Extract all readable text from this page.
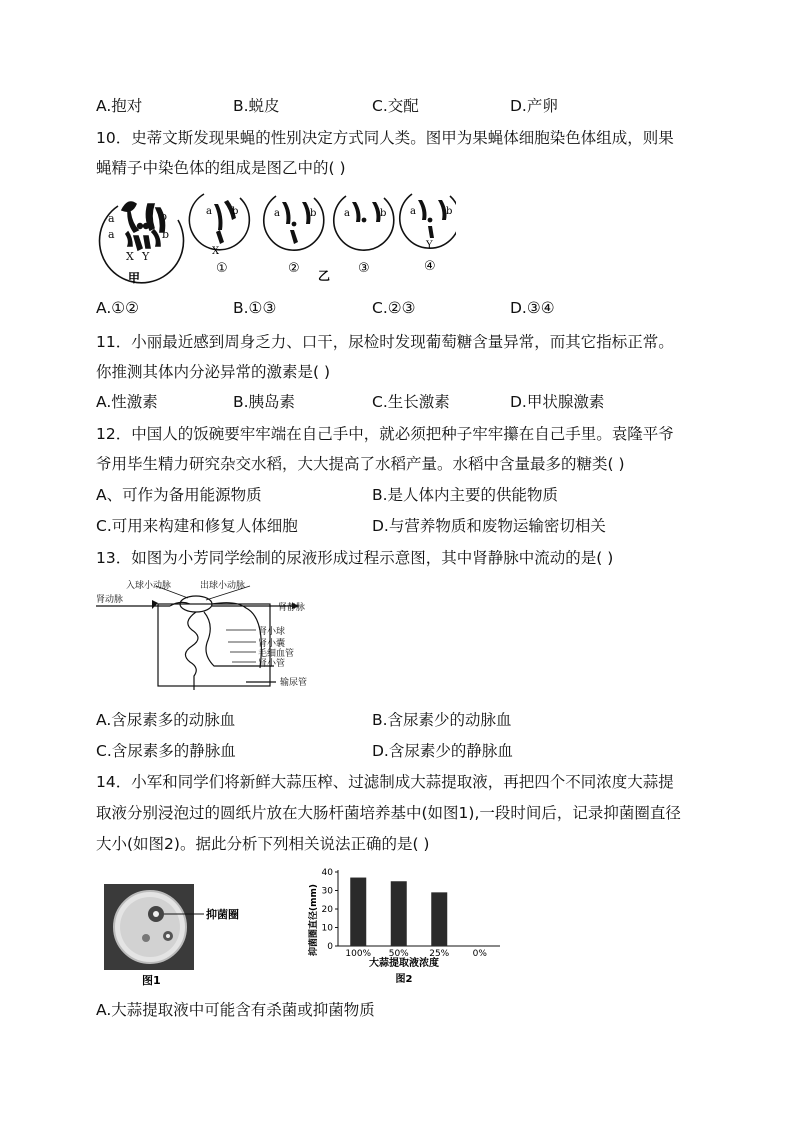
A.抱对	B.蜕皮	C.交配	D.产卵
10．史蒂文斯发现果蝇的性别决定方式同人类。图甲为果蝇体细胞染色体组成，则果
蝇精子中染色体的组成是图乙中的( )
a
a
b
b
X Y
甲
a b
X
①
a	b
②
a	b
③
a	b
Y
④
乙
A.①②	B.①③	C.②③	D.③④
11．小丽最近感到周身乏力、口干，尿检时发现葡萄糖含量异常，而其它指标正常。
你推测其体内分泌异常的激素是( )
A.性激素	B.胰岛素	C.生长激素	D.甲状腺激素
12．中国人的饭碗要牢牢端在自己手中，就必须把种子牢牢攥在自己手里。袁隆平爷
爷用毕生精力研究杂交水稻，大大提高了水稻产量。水稻中含量最多的糖类( )
A、可作为备用能源物质	B.是人体内主要的供能物质
C.可用来构建和修复人体细胞	D.与营养物质和废物运输密切相关
13．如图为小芳同学绘制的尿液形成过程示意图，其中肾静脉中流动的是( )
入球小动脉	出球小动脉
肾动脉
肾静脉
肾小球
肾小囊
毛细血管
肾小管
输尿管
A.含尿素多的动脉血	B.含尿素少的动脉血
C.含尿素多的静脉血	D.含尿素少的静脉血
14．小军和同学们将新鲜大蒜压榨、过滤制成大蒜提取液，再把四个不同浓度大蒜提
取液分别浸泡过的圆纸片放在大肠杆菌培养基中(如图1),一段时间后，记录抑菌圈直径
大小(如图2)。据此分析下列相关说法正确的是( )
抑菌圈
图1
抑菌圈直径(mm) 0
10
20
30
40
100% 50% 25%	0%
大蒜提取液浓度
图2
A.大蒜提取液中可能含有杀菌或抑菌物质
